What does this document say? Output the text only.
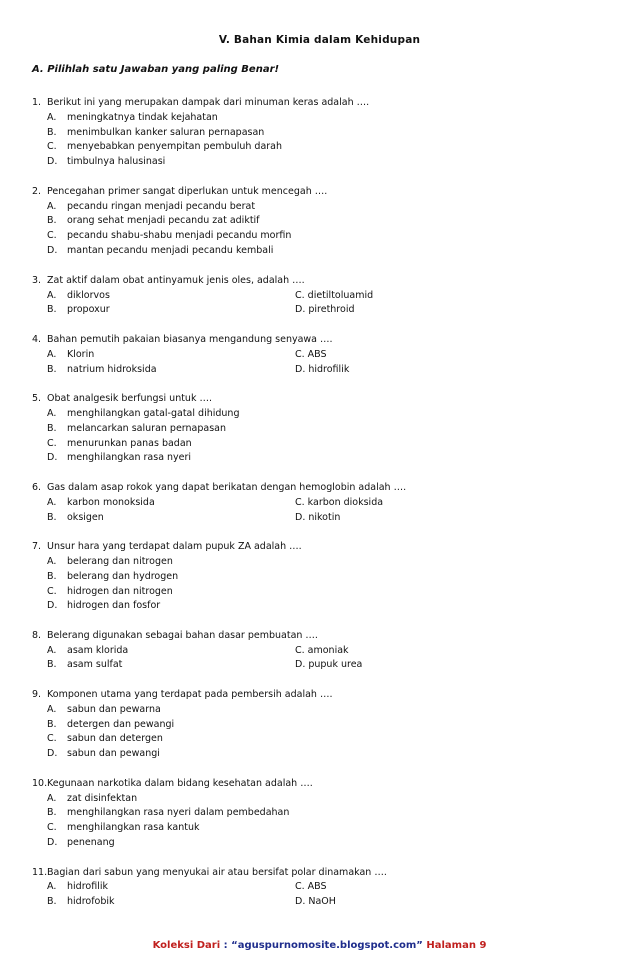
V. Bahan Kimia dalam Kehidupan
A. Pilihlah satu Jawaban yang paling Benar!
1. Berikut ini yang merupakan dampak dari minuman keras adalah ….
A.	meningkatnya tindak kejahatan
B.	menimbulkan kanker saluran pernapasan
C.	menyebabkan penyempitan pembuluh darah
D.	timbulnya halusinasi
2. Pencegahan primer sangat diperlukan untuk mencegah ….
A.	pecandu ringan menjadi pecandu berat
B.	orang sehat menjadi pecandu zat adiktif
C.	pecandu shabu-shabu menjadi pecandu morfin
D.	mantan pecandu menjadi pecandu kembali
3. Zat aktif dalam obat antinyamuk jenis oles, adalah ….
A.	diklorvos	C. dietiltoluamid
B.	propoxur	D. pirethroid
4. Bahan pemutih pakaian biasanya mengandung senyawa ….
A.	Klorin	C. ABS
B.	natrium hidroksida	D. hidrofilik
5. Obat analgesik berfungsi untuk ….
A.	menghilangkan gatal-gatal dihidung
B.	melancarkan saluran pernapasan
C.	menurunkan panas badan
D.	menghilangkan rasa nyeri
6. Gas dalam asap rokok yang dapat berikatan dengan hemoglobin adalah ….
A.	karbon monoksida	C. karbon dioksida
B.	oksigen	D. nikotin
7. Unsur hara yang terdapat dalam pupuk ZA adalah ….
A.	belerang dan nitrogen
B.	belerang dan hydrogen
C.	hidrogen dan nitrogen
D.	hidrogen dan fosfor
8. Belerang digunakan sebagai bahan dasar pembuatan ….
A.	asam klorida	C. amoniak
B.	asam sulfat	D. pupuk urea
9. Komponen utama yang terdapat pada pembersih adalah ….
A.	sabun dan pewarna
B.	detergen dan pewangi
C.	sabun dan detergen
D.	sabun dan pewangi
10. Kegunaan narkotika dalam bidang kesehatan adalah ….
A.	zat disinfektan
B.	menghilangkan rasa nyeri dalam pembedahan
C.	menghilangkan rasa kantuk
D.	penenang
11. Bagian dari sabun yang menyukai air atau bersifat polar dinamakan ….
A.	hidrofilik	C. ABS
B.	hidrofobik	D. NaOH
Koleksi Dari : “aguspurnomosite.blogspot.com” Halaman 9
